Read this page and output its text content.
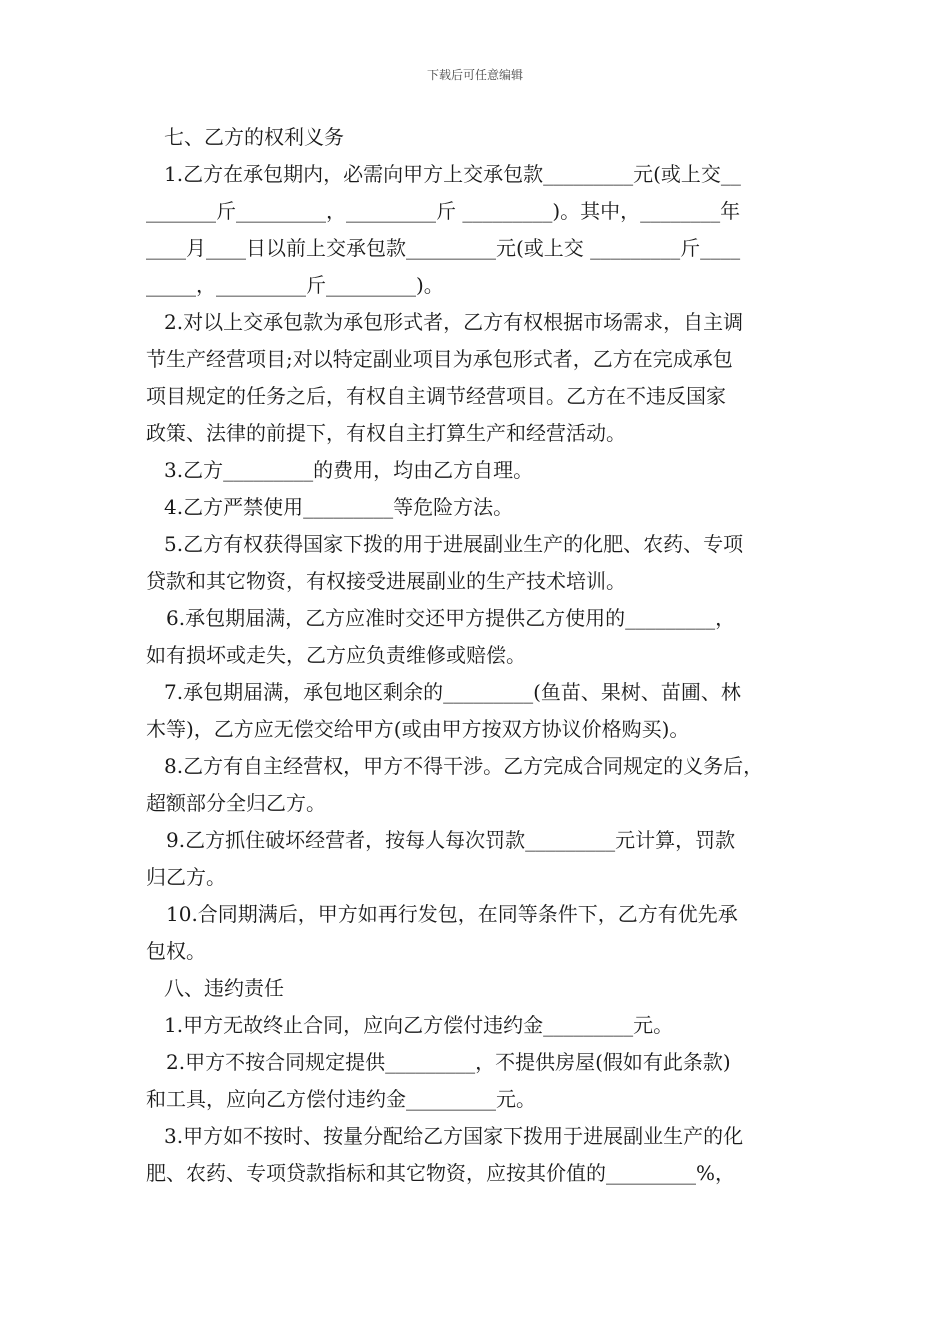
下载后可任意编辑

七、乙方的权利义务

1.乙方在承包期内，必需向甲方上交承包款_________元(或上交__
_______斤_________，_________斤 _________)。其中，________年
____月____日以前上交承包款_________元(或上交 _________斤____
_____，_________斤_________)。

2.对以上交承包款为承包形式者，乙方有权根据市场需求，自主调
节生产经营项目;对以特定副业项目为承包形式者，乙方在完成承包
项目规定的任务之后，有权自主调节经营项目。乙方在不违反国家
政策、法律的前提下，有权自主打算生产和经营活动。

3.乙方_________的费用，均由乙方自理。

4.乙方严禁使用_________等危险方法。

5.乙方有权获得国家下拨的用于进展副业生产的化肥、农药、专项
贷款和其它物资，有权接受进展副业的生产技术培训。

6.承包期届满，乙方应准时交还甲方提供乙方使用的_________，
如有损坏或走失，乙方应负责维修或赔偿。

7.承包期届满，承包地区剩余的_________(鱼苗、果树、苗圃、林
木等)，乙方应无偿交给甲方(或由甲方按双方协议价格购买)。

8.乙方有自主经营权，甲方不得干涉。乙方完成合同规定的义务后，
超额部分全归乙方。

9.乙方抓住破坏经营者，按每人每次罚款_________元计算，罚款
归乙方。

10.合同期满后，甲方如再行发包，在同等条件下，乙方有优先承
包权。

八、违约责任

1.甲方无故终止合同，应向乙方偿付违约金_________元。

2.甲方不按合同规定提供_________，不提供房屋(假如有此条款)
和工具，应向乙方偿付违约金_________元。

3.甲方如不按时、按量分配给乙方国家下拨用于进展副业生产的化
肥、农药、专项贷款指标和其它物资，应按其价值的_________%，
